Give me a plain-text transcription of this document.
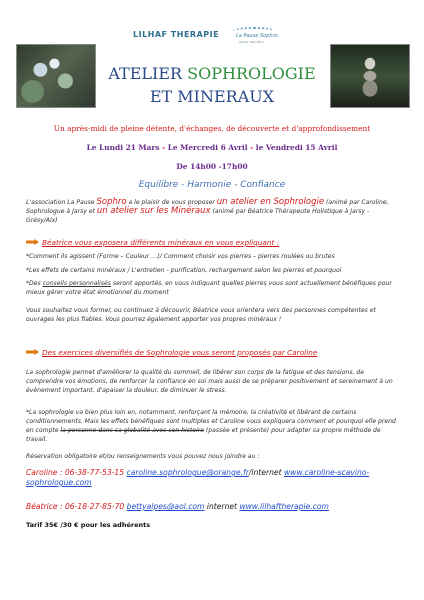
LILHAF THERAPIE	La Pause Sophro
Atelier Bien-Être
ATELIER SOPHROLOGIE
ET MINERAUX
Un après-midi de pleine détente, d'échanges, de découverte et d'approfondissement
Le Lundi 21 Mars - Le Mercredi 6 Avril - le Vendredi 15 Avril
De 14h00 -17h00
Equilibre - Harmonie - Confiance
L'association La Pause Sophro a le plaisir de vous proposer un atelier en Sophrologie (animé par Caroline, Sophrologue à Jarsy et un atelier sur les Minéraux (animé par Béatrice Thérapeute Holistique à Jarsy - Grésy/Aix)
Béatrice vous exposera différents minéraux en vous expliquant :
*Comment ils agissent (Forme – Couleur …)/ Comment choisir vos pierres – pierres roulées ou brutes
*Les effets de certains minéraux / L'entretien - purification, rechargement selon les pierres et pourquoi
*Des conseils personnalisés seront apportés, en vous indiquant quelles pierres vous sont actuellement bénéfiques pour mieux gérer votre état émotionnel du moment
Vous souhaitez vous former, ou continuez à découvrir, Béatrice vous orientera vers des personnes compétentes et ouvrages les plus fiables. Vous pourrez également apporter vos propres minéraux !
Des exercices diversifiés de Sophrologie vous seront proposés par Caroline
La sophrologie permet d'améliorer la qualité du sommeil, de libérer son corps de la fatigue et des tensions, de comprendre vos émotions, de renforcer la confiance en soi mais aussi de se préparer positivement et sereinement à un évènement important, d'apaiser la douleur, de diminuer le stress.
*La sophrologie va bien plus loin en, notamment, renforçant la mémoire, la créativité et libérant de certains conditionnements. Mais les effets bénéfiques sont multiples et Caroline vous expliquera comment et pourquoi elle prend en compte la personne dans sa globalité avec son histoire (passée et présente) pour adapter sa propre méthode de travail.
Réservation obligatoire et/ou renseignements vous pouvez nous joindre au :
Caroline : 06-38-77-53-15 caroline.sophrologue@orange.fr/internet www.caroline-scavino-sophrologue.com
Béatrice : 06-18-27-85-70 bettyalpes@aol.com internet www.lilhaftherapie.com
Tarif 35€ /30 € pour les adhérents
